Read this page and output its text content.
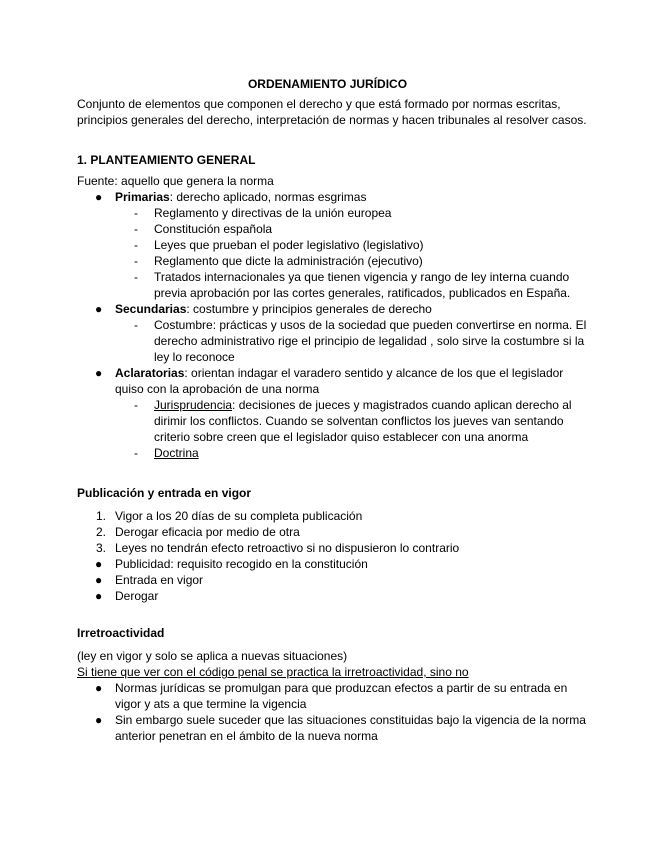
ORDENAMIENTO JURÍDICO
Conjunto de elementos que componen el derecho y que está formado por normas escritas, principios generales del derecho, interpretación de normas y hacen tribunales al resolver casos.
1. PLANTEAMIENTO GENERAL
Fuente: aquello que genera la norma
● Primarias: derecho aplicado, normas esgrimas
- Reglamento y directivas de la unión europea
- Constitución española
- Leyes que prueban el poder legislativo (legislativo)
- Reglamento que dicte la administración (ejecutivo)
- Tratados internacionales ya que tienen vigencia y rango de ley interna cuando previa aprobación por las cortes generales, ratificados, publicados en España.
● Secundarias: costumbre y principios generales de derecho
- Costumbre: prácticas y usos de la sociedad que pueden convertirse en norma. El derecho administrativo rige el principio de legalidad , solo sirve la costumbre si la ley lo reconoce
● Aclaratorias: orientan indagar el varadero sentido y alcance de los que el legislador quiso con la aprobación de una norma
- Jurisprudencia: decisiones de jueces y magistrados cuando aplican derecho al dirimir los conflictos. Cuando se solventan conflictos los jueves van sentando criterio sobre creen que el legislador quiso establecer con una anorma
- Doctrina
Publicación y entrada en vigor
1. Vigor a los 20 días de su completa publicación
2. Derogar eficacia por medio de otra
3. Leyes no tendrán efecto retroactivo si no dispusieron lo contrario
● Publicidad: requisito recogido en la constitución
● Entrada en vigor
● Derogar
Irretroactividad
(ley en vigor y solo se aplica a nuevas situaciones)
Si tiene que ver con el código penal se practica la irretroactividad, sino no
● Normas jurídicas se promulgan para que produzcan efectos a partir de su entrada en vigor y ats a que termine la vigencia
● Sin embargo suele suceder que las situaciones constituidas bajo la vigencia de la norma anterior penetran en el ámbito de la nueva norma
